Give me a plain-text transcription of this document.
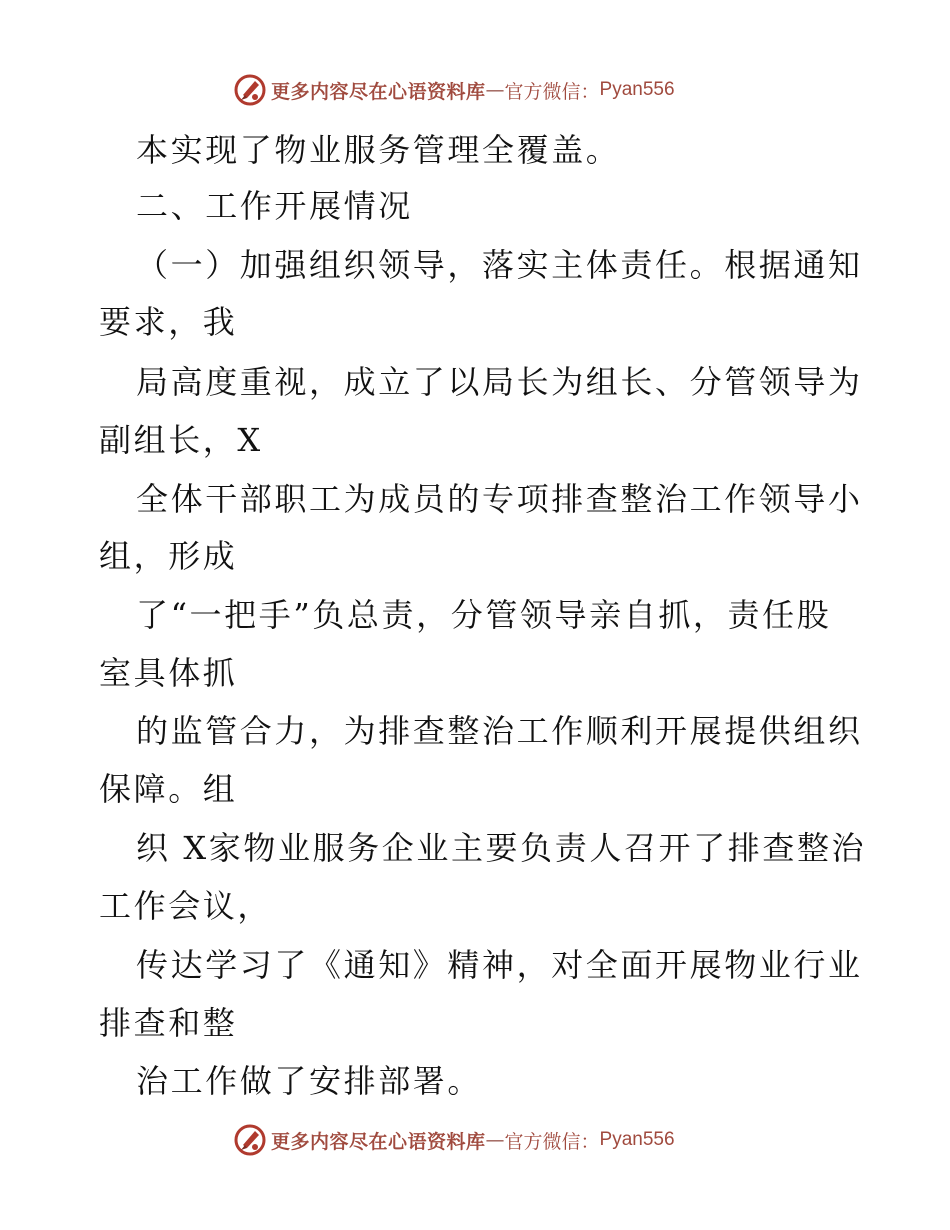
更多内容尽在心语资料库 — 官方微信： Pyan556
本实现了物业服务管理全覆盖。
二、工作开展情况
（一）加强组织领导，落实主体责任。根据通知
要求，我
局高度重视，成立了以局长为组长、分管领导为
副组长，X
全体干部职工为成员的专项排查整治工作领导小
组，形成
了“一把手”负总责，分管领导亲自抓，责任股
室具体抓
的监管合力，为排查整治工作顺利开展提供组织
保障。组
织 X家物业服务企业主要负责人召开了排查整治
工作会议，
传达学习了《通知》精神，对全面开展物业行业
排查和整
治工作做了安排部署。
更多内容尽在心语资料库 — 官方微信： Pyan556
